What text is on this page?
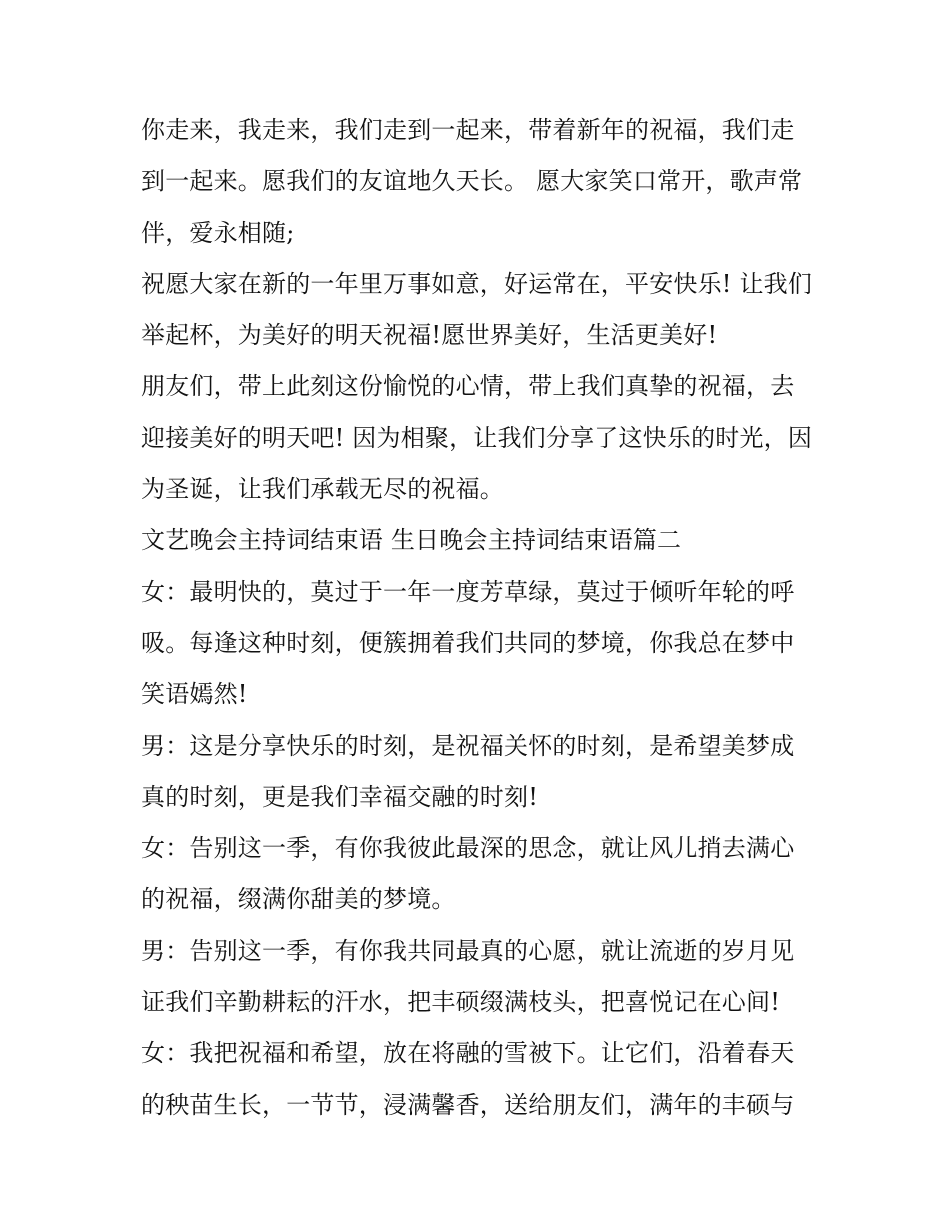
你走来，我走来，我们走到一起来，带着新年的祝福，我们走到一起来。愿我们的友谊地久天长。 愿大家笑口常开，歌声常伴，爱永相随;

祝愿大家在新的一年里万事如意，好运常在，平安快乐! 让我们举起杯，为美好的明天祝福!愿世界美好，生活更美好!

朋友们，带上此刻这份愉悦的心情，带上我们真挚的祝福，去迎接美好的明天吧! 因为相聚，让我们分享了这快乐的时光，因为圣诞，让我们承载无尽的祝福。

文艺晚会主持词结束语 生日晚会主持词结束语篇二

女：最明快的，莫过于一年一度芳草绿，莫过于倾听年轮的呼吸。每逢这种时刻，便簇拥着我们共同的梦境，你我总在梦中笑语嫣然!

男：这是分享快乐的时刻，是祝福关怀的时刻，是希望美梦成真的时刻，更是我们幸福交融的时刻!

女：告别这一季，有你我彼此最深的思念，就让风儿捎去满心的祝福，缀满你甜美的梦境。

男：告别这一季，有你我共同最真的心愿，就让流逝的岁月见证我们辛勤耕耘的汗水，把丰硕缀满枝头，把喜悦记在心间!

女：我把祝福和希望，放在将融的雪被下。让它们，沿着春天的秧苗生长，一节节，浸满馨香，送给朋友们，满年的丰硕与
